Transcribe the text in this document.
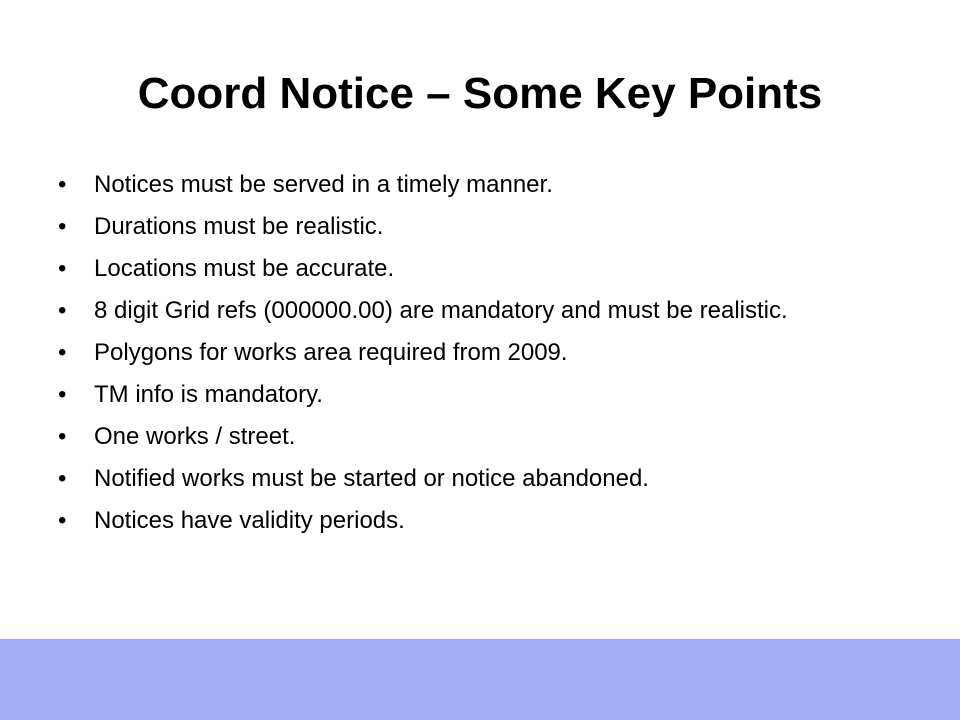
Coord Notice – Some Key Points
• Notices must be served in a timely manner.
• Durations must be realistic.
• Locations must be accurate.
• 8 digit Grid refs (000000.00) are mandatory and must be realistic.
• Polygons for works area required from 2009.
• TM info is mandatory.
• One works / street.
• Notified works must be started or notice abandoned.
• Notices have validity periods.
